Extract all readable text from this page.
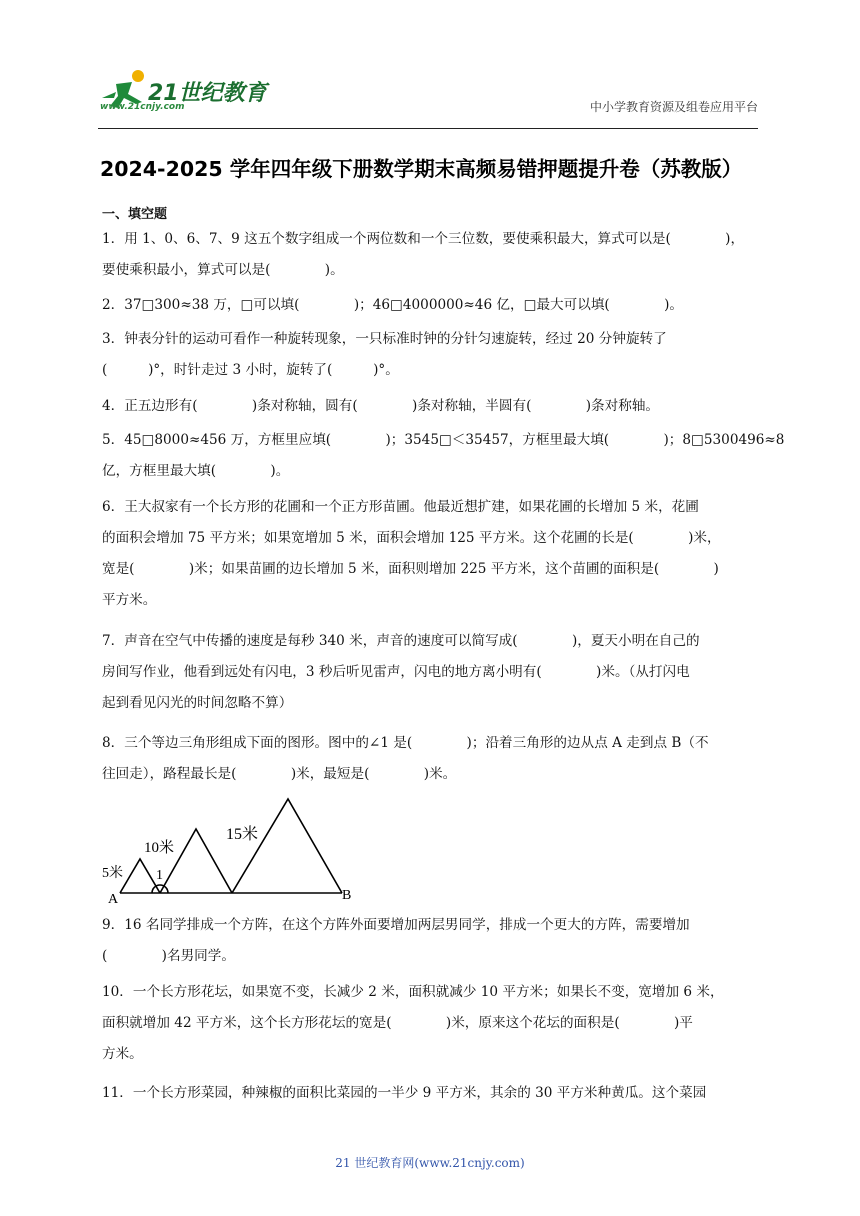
21世纪教育
www.21cnjy.com	中小学教育资源及组卷应用平台
2024-2025 学年四年级下册数学期末高频易错押题提升卷（苏教版）
一、填空题
1．用 1、0、6、7、9 这五个数字组成一个两位数和一个三位数，要使乘积最大，算式可以是(　　　　)，
要使乘积最小，算式可以是(　　　　)。
2．37□300≈38 万，□可以填(　　　　)；46□4000000≈46 亿，□最大可以填(　　　　)。
3．钟表分针的运动可看作一种旋转现象，一只标准时钟的分针匀速旋转，经过 20 分钟旋转了
(　　　)°，时针走过 3 小时，旋转了(　　　)°。
4．正五边形有(　　　　)条对称轴，圆有(　　　　)条对称轴，半圆有(　　　　)条对称轴。
5．45□8000≈456 万，方框里应填(　　　　)；3545□＜35457，方框里最大填(　　　　)；8□5300496≈8
亿，方框里最大填(　　　　)。
6．王大叔家有一个长方形的花圃和一个正方形苗圃。他最近想扩建，如果花圃的长增加 5 米，花圃
的面积会增加 75 平方米；如果宽增加 5 米，面积会增加 125 平方米。这个花圃的长是(　　　　)米，
宽是(　　　　)米；如果苗圃的边长增加 5 米，面积则增加 225 平方米，这个苗圃的面积是(　　　　)
平方米。
7．声音在空气中传播的速度是每秒 340 米，声音的速度可以简写成(　　　　)，夏天小明在自己的
房间写作业，他看到远处有闪电，3 秒后听见雷声，闪电的地方离小明有(　　　　)米。（从打闪电
起到看见闪光的时间忽略不算）
8．三个等边三角形组成下面的图形。图中的∠1 是(　　　　)；沿着三角形的边从点 A 走到点 B（不
往回走），路程最长是(　　　　)米，最短是(　　　　)米。
5米
10米
15米
1
A	B
9．16 名同学排成一个方阵，在这个方阵外面要增加两层男同学，排成一个更大的方阵，需要增加
(　　　　)名男同学。
10．一个长方形花坛，如果宽不变，长减少 2 米，面积就减少 10 平方米；如果长不变，宽增加 6 米，
面积就增加 42 平方米，这个长方形花坛的宽是(　　　　)米，原来这个花坛的面积是(　　　　)平
方米。
11．一个长方形菜园，种辣椒的面积比菜园的一半少 9 平方米，其余的 30 平方米种黄瓜。这个菜园
21 世纪教育网(www.21cnjy.com)
